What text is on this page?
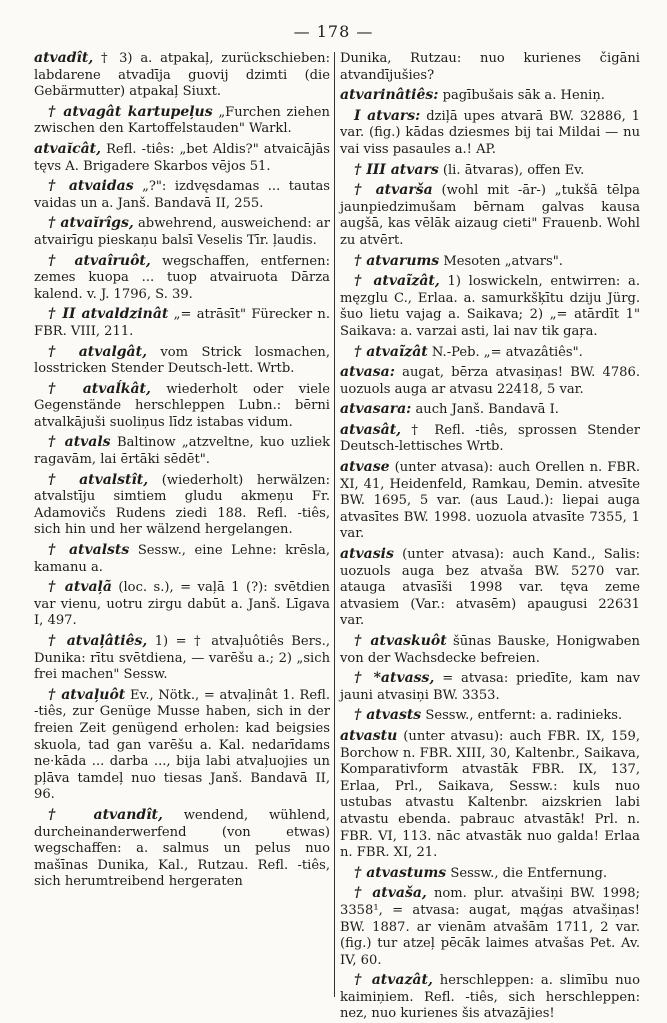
— 178 —

atvadît, † 3) a. atpakaļ, zurückschieben: labdarene atvadīja guovij dzimti (die Gebärmutter) atpakaļ Siuxt.

† atvagât kartupeļus „Furchen ziehen zwischen den Kartoffelstauden" Warkl.

atvaĭcât, Refl. -tiês: „bet Aldis?" atvaicājās tęvs A. Brigadere Skarbos vējos 51.

† atvaidas „?": izdvęsdamas ... tautas vaidas un a. Janš. Bandavā II, 255.

† atvaĭrîgs, abwehrend, ausweichend: ar atvairīgu pieskaņu balsī Veselis Tīr. ļaudis.

† atvaîruôt, wegschaffen, entfernen: zemes kuopa ... tuop atvairuota Dārza kalend. v. J. 1796, S. 39.

† II atvaldzinât „= atrāsīt" Fürecker n. FBR. VIII, 211.

† atvalgât, vom Strick losmachen, losstricken Stender Deutsch-lett. Wrtb.

† atvaĺkât, wiederholt oder viele Gegenstände herschleppen Lubn.: bērni atvalkājuši suoliņus līdz istabas vidum.

† atvals Baltinow „atzveltne, kuo uzliek ragavām, lai ērtāki sēdēt".

† atvalstît, (wiederholt) herwälzen: atvalstīju simtiem gludu akmeņu Fr. Adamovičs Rudens ziedi 188. Refl. -tiês, sich hin und her wälzend hergelangen.

† atvalsts Sessw., eine Lehne: krēsla, kamanu a.

† atvaļã (loc. s.), = vaļā 1 (?): svētdien var vienu, uotru zirgu dabūt a. Janš. Līgava I, 497.

† atvaļâtiês, 1) = † atvaļuôtiês Bers., Dunika: rītu svētdiena, — varēšu a.; 2) „sich frei machen" Sessw.

† atvaļuôt Ev., Nötk., = atvaļinât 1. Refl. -tiês, zur Genüge Musse haben, sich in der freien Zeit genügend erholen: kad beigsies skuola, tad gan varēšu a. Kal. nedarīdams ne·kāda ... darba ..., bija labi atvaļuojies un pļāva tamdeļ nuo tiesas Janš. Bandavā II, 96.

† atvandît, wendend, wühlend, durcheinanderwerfend (von etwas) wegschaffen: a. salmus un pelus nuo mašīnas Dunika, Kal., Rutzau. Refl. -tiês, sich herumtreibend hergeraten

Dunika, Rutzau: nuo kurienes čigāni atvandījušies?

atvarinâtiês: pagībušais sāk a. Heniņ.

I atvars: dziļā upes atvarā BW. 32886, 1 var. (fig.) kādas dziesmes bij tai Mildai — nu vai viss pasaules a.! AP.

† III atvars (li. ātvaras), offen Ev.

† atvarša (wohl mit -ār-) „tukšā tēlpa jaunpiedzimušam bērnam galvas kausa augšā, kas vēlāk aizaug cieti" Frauenb. Wohl zu atvērt.

† atvarums Mesoten „atvars".

† atvaĩzât, 1) loswickeln, entwirren: a. męzglu C., Erlaa. a. samurkšķītu dziju Jürg. šuo lietu vajag a. Saikava; 2) „= atārdīt 1" Saikava: a. varzai asti, lai nav tik gaŗa.

† atvaĩzât N.-Peb. „= atvazâtiês".

atvasa: augat, bērza atvasiņas! BW. 4786. uozuols auga ar atvasu 22418, 5 var.

atvasara: auch Janš. Bandavā I.

atvasât, † Refl. -tiês, sprossen Stender Deutsch-lettisches Wrtb.

atvase (unter atvasa): auch Orellen n. FBR. XI, 41, Heidenfeld, Ramkau, Demin. atvesīte BW. 1695, 5 var. (aus Laud.): liepai auga atvasītes BW. 1998. uozuola atvasīte 7355, 1 var.

atvasis (unter atvasa): auch Kand., Salis: uozuols auga bez atvaša BW. 5270 var. atauga atvasīši 1998 var. tęva zeme atvasiem (Var.: atvasēm) apaugusi 22631 var.

† atvaskuôt šūnas Bauske, Honigwaben von der Wachsdecke befreien.

† *atvass, = atvasa: priedīte, kam nav jauni atvasiņi BW. 3353.

† atvasts Sessw., entfernt: a. radinieks.

atvastu (unter atvasu): auch FBR. IX, 159, Borchow n. FBR. XIII, 30, Kaltenbr., Saikava, Komparativform atvastāk FBR. IX, 137, Erlaa, Prl., Saikava, Sessw.: kuls nuo ustubas atvastu Kaltenbr. aizskrien labi atvastu ebenda. pabrauc atvastāk! Prl. n. FBR. VI, 113. nāc atvastāk nuo galda! Erlaa n. FBR. XI, 21.

† atvastums Sessw., die Entfernung.

† atvaša, nom. plur. atvašiņi BW. 1998; 3358¹, = atvasa: augat, mąģas atvašiņas! BW. 1887. ar vienām atvašām 1711, 2 var. (fig.) tur atzeļ pēcāk laimes atvašas Pet. Av. IV, 60.

† atvazât, herschleppen: a. slimību nuo kaimiņiem. Refl. -tiês, sich herschleppen: nez, nuo kurienes šis atvazājies!
